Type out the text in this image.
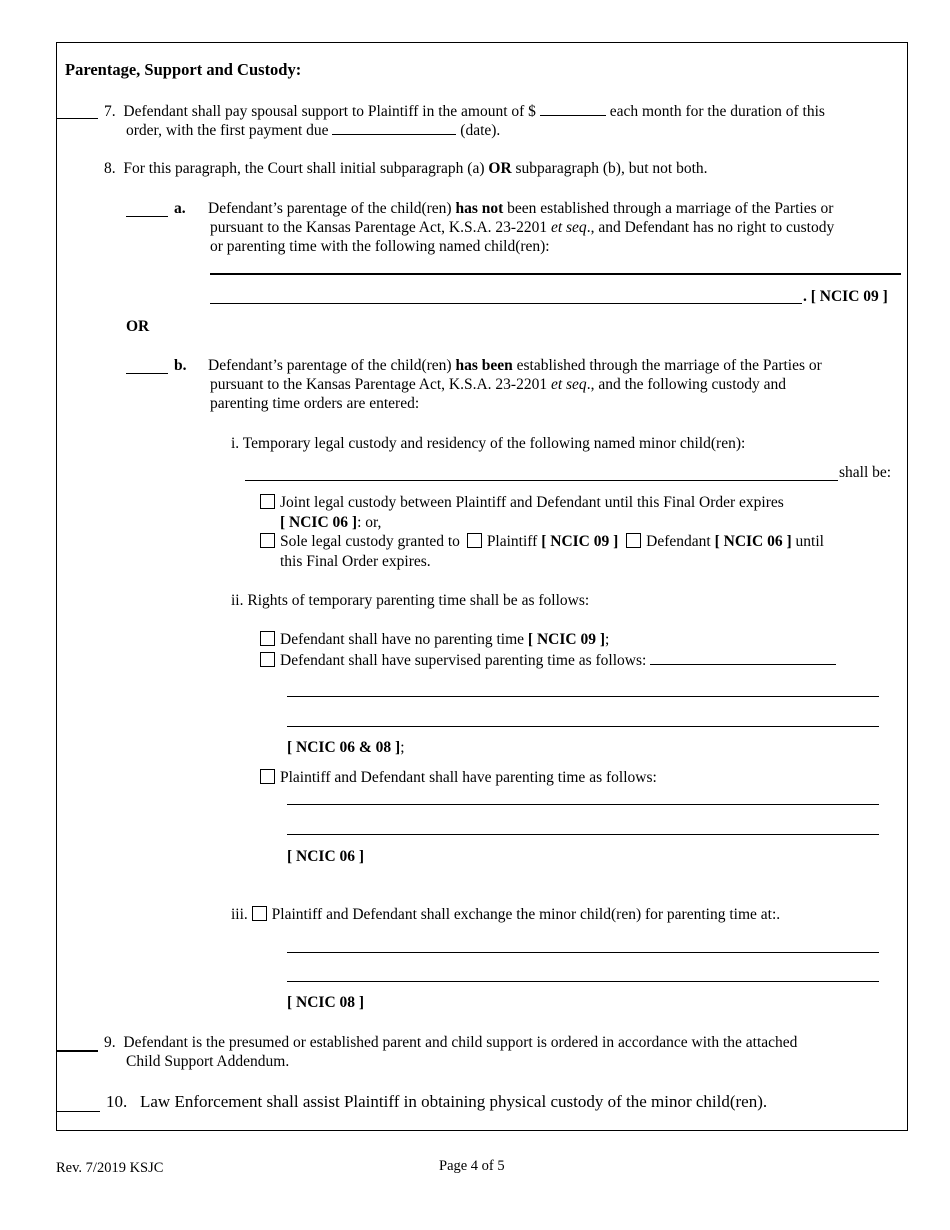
Parentage, Support and Custody:
7. Defendant shall pay spousal support to Plaintiff in the amount of $	each month for the duration of this
order, with the first payment due	(date).
8. For this paragraph, the Court shall initial subparagraph (a) OR subparagraph (b), but not both.
a. Defendant’s parentage of the child(ren) has not been established through a marriage of the Parties or
pursuant to the Kansas Parentage Act, K.S.A. 23-2201 et seq., and Defendant has no right to custody
or parenting time with the following named child(ren):
. [ NCIC 09 ]
OR
b. Defendant’s parentage of the child(ren) has been established through the marriage of the Parties or
pursuant to the Kansas Parentage Act, K.S.A. 23-2201 et seq., and the following custody and
parenting time orders are entered:
i. Temporary legal custody and residency of the following named minor child(ren):
shall be:
Joint legal custody between Plaintiff and Defendant until this Final Order expires
[ NCIC 06 ]: or,
Sole legal custody granted to Plaintiff [ NCIC 09 ] Defendant [ NCIC 06 ] until
this Final Order expires.
ii. Rights of temporary parenting time shall be as follows:
Defendant shall have no parenting time [ NCIC 09 ];
Defendant shall have supervised parenting time as follows:
[ NCIC 06 & 08 ];
Plaintiff and Defendant shall have parenting time as follows:
[ NCIC 06 ]
iii. Plaintiff and Defendant shall exchange the minor child(ren) for parenting time at:.
[ NCIC 08 ]
9. Defendant is the presumed or established parent and child support is ordered in accordance with the attached
Child Support Addendum.
10. Law Enforcement shall assist Plaintiff in obtaining physical custody of the minor child(ren).
Rev. 7/2019 KSJC	Page 4 of 5
